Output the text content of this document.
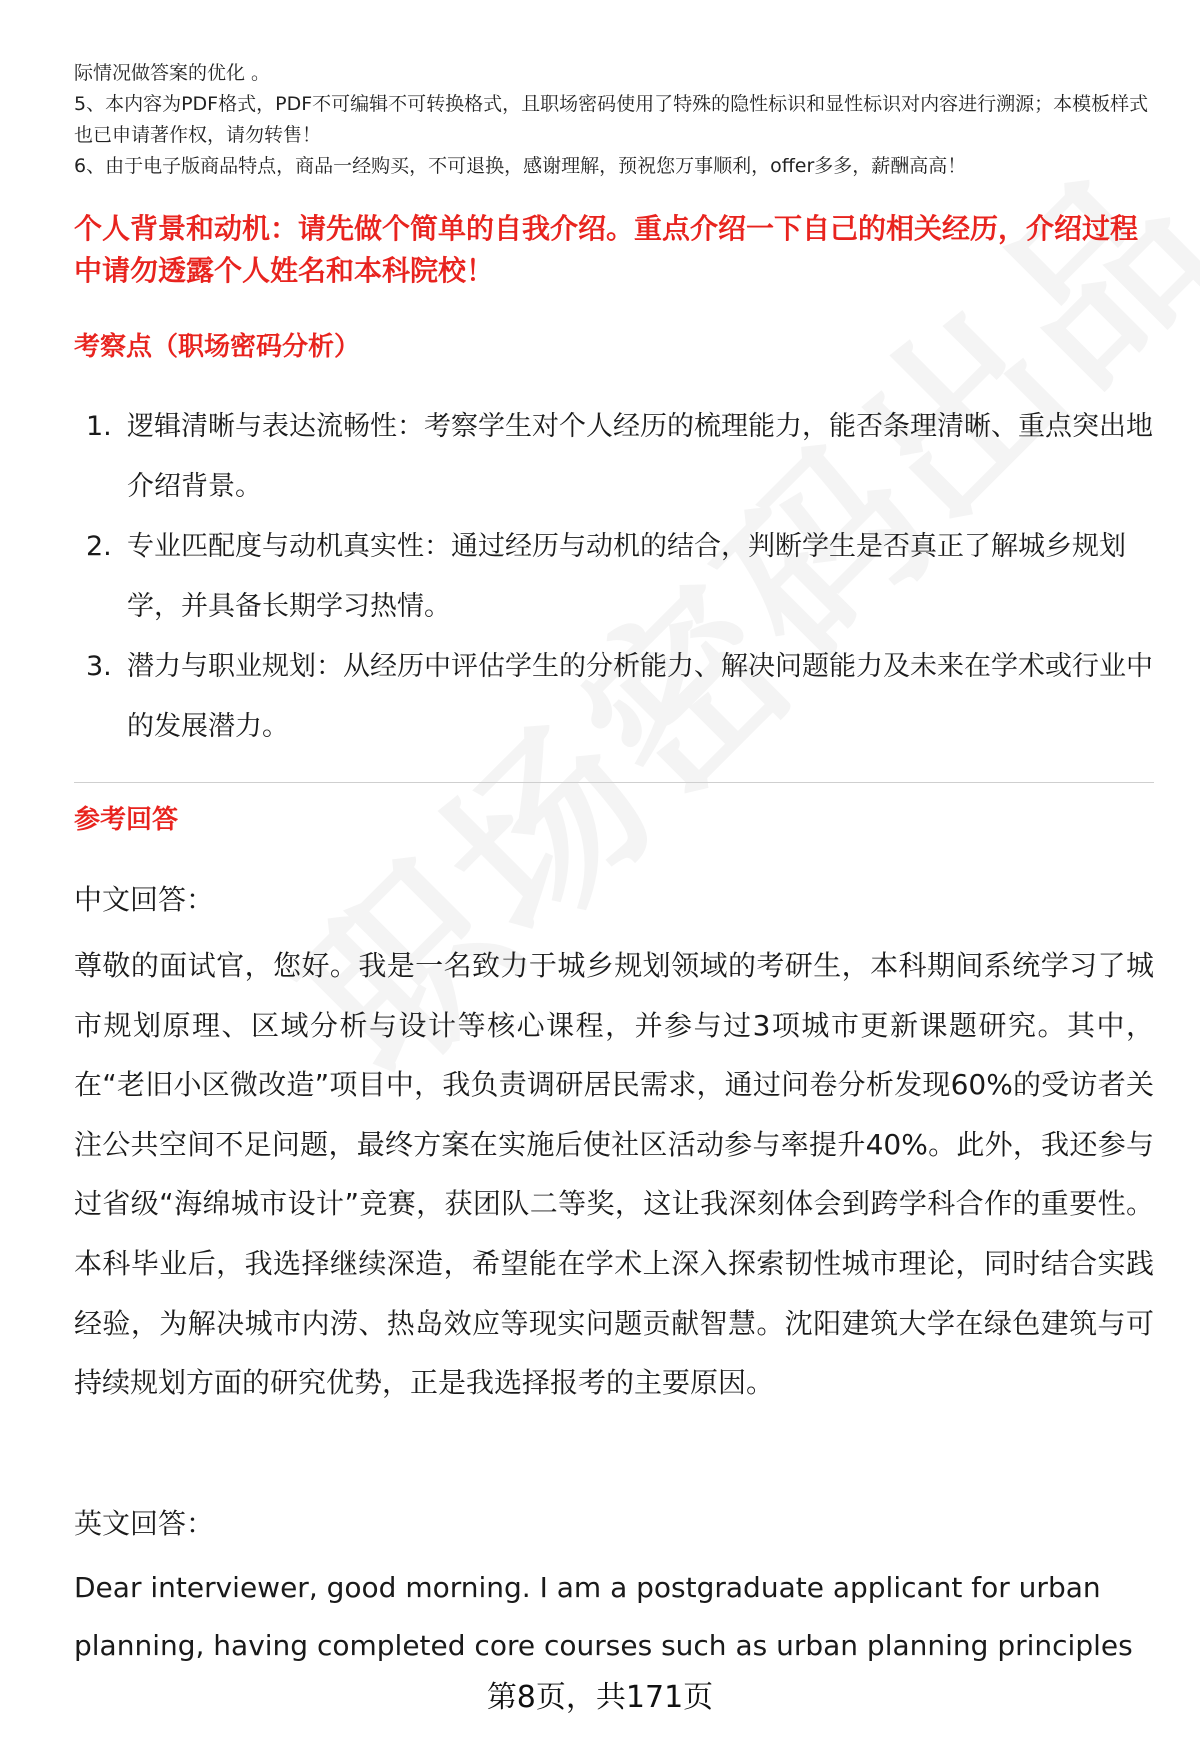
际情况做答案的优化 。

5、本内容为PDF格式，PDF不可编辑不可转换格式，且职场密码使用了特殊的隐性标识和显性标识对内容进行溯源；本模板样式也已申请著作权，请勿转售！

6、由于电子版商品特点，商品一经购买，不可退换，感谢理解，预祝您万事顺利，offer多多，薪酬高高！

个人背景和动机：请先做个简单的自我介绍。重点介绍一下自己的相关经历，介绍过程中请勿透露个人姓名和本科院校！
考察点（职场密码分析）
1. 逻辑清晰与表达流畅性：考察学生对个人经历的梳理能力，能否条理清晰、重点突出地介绍背景。
2. 专业匹配度与动机真实性：通过经历与动机的结合，判断学生是否真正了解城乡规划学，并具备长期学习热情。
3. 潜力与职业规划：从经历中评估学生的分析能力、解决问题能力及未来在学术或行业中的发展潜力。
参考回答
中文回答：

尊敬的面试官，您好。我是一名致力于城乡规划领域的考研生，本科期间系统学习了城市规划原理、区域分析与设计等核心课程，并参与过3项城市更新课题研究。其中，在“老旧小区微改造”项目中，我负责调研居民需求，通过问卷分析发现60%的受访者关注公共空间不足问题，最终方案在实施后使社区活动参与率提升40%。此外，我还参与过省级“海绵城市设计”竞赛，获团队二等奖，这让我深刻体会到跨学科合作的重要性。本科毕业后，我选择继续深造，希望能在学术上深入探索韧性城市理论，同时结合实践经验，为解决城市内涝、热岛效应等现实问题贡献智慧。沈阳建筑大学在绿色建筑与可持续规划方面的研究优势，正是我选择报考的主要原因。

英文回答：

Dear interviewer, good morning. I am a postgraduate applicant for urban planning, having completed core courses such as urban planning principles

第8页，共171页
